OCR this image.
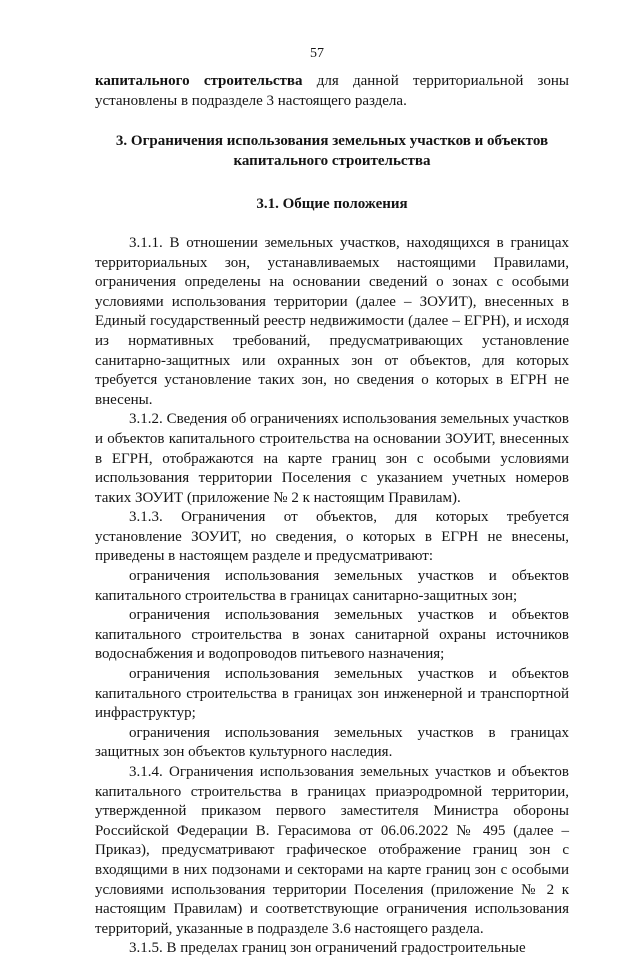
57

капитального строительства для данной территориальной зоны установлены в подразделе 3 настоящего раздела.

3. Ограничения использования земельных участков и объектов капитального строительства

3.1. Общие положения

3.1.1. В отношении земельных участков, находящихся в границах территориальных зон, устанавливаемых настоящими Правилами, ограничения определены на основании сведений о зонах с особыми условиями использования территории (далее – ЗОУИТ), внесенных в Единый государственный реестр недвижимости (далее – ЕГРН), и исходя из нормативных требований, предусматривающих установление санитарно-защитных или охранных зон от объектов, для которых требуется установление таких зон, но сведения о которых в ЕГРН не внесены.

3.1.2. Сведения об ограничениях использования земельных участков и объектов капитального строительства на основании ЗОУИТ, внесенных в ЕГРН, отображаются на карте границ зон с особыми условиями использования территории Поселения с указанием учетных номеров таких ЗОУИТ (приложение № 2 к настоящим Правилам).

3.1.3. Ограничения от объектов, для которых требуется установление ЗОУИТ, но сведения, о которых в ЕГРН не внесены, приведены в настоящем разделе и предусматривают:

ограничения использования земельных участков и объектов капитального строительства в границах санитарно-защитных зон;

ограничения использования земельных участков и объектов капитального строительства в зонах санитарной охраны источников водоснабжения и водопроводов питьевого назначения;

ограничения использования земельных участков и объектов капитального строительства в границах зон инженерной и транспортной инфраструктур;

ограничения использования земельных участков в границах защитных зон объектов культурного наследия.

3.1.4. Ограничения использования земельных участков и объектов капитального строительства в границах приаэродромной территории, утвержденной приказом первого заместителя Министра обороны Российской Федерации В. Герасимова от 06.06.2022 № 495 (далее – Приказ), предусматривают графическое отображение границ зон с входящими в них подзонами и секторами на карте границ зон с особыми условиями использования территории Поселения (приложение № 2 к настоящим Правилам) и соответствующие ограничения использования территорий, указанные в подразделе 3.6 настоящего раздела.

3.1.5. В пределах границ зон ограничений градостроительные
